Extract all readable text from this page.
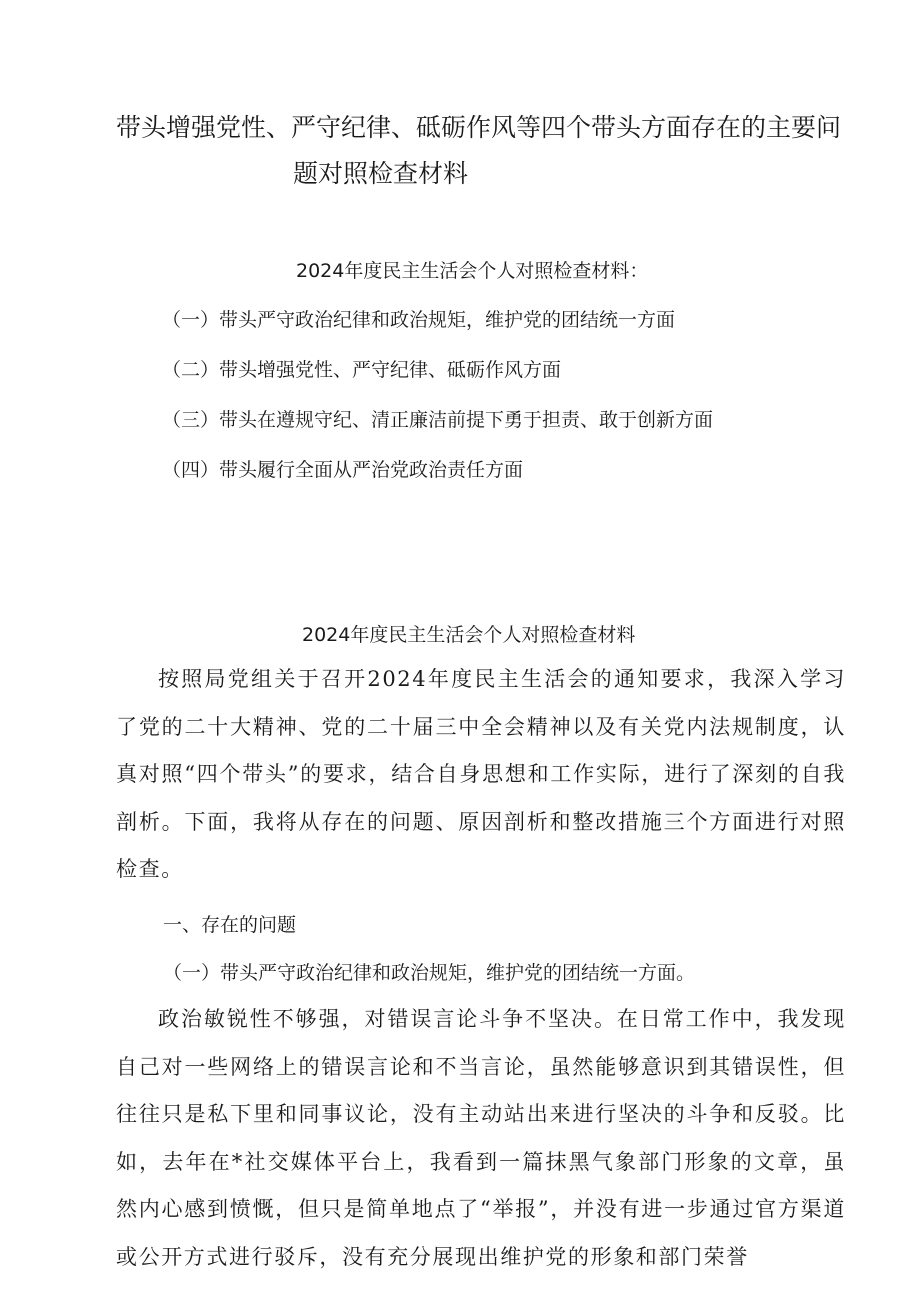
带头增强党性、严守纪律、砥砺作风等四个带头方面存在的主要问
题对照检查材料
2024年度民主生活会个人对照检查材料：
（一）带头严守政治纪律和政治规矩，维护党的团结统一方面
（二）带头增强党性、严守纪律、砥砺作风方面
（三）带头在遵规守纪、清正廉洁前提下勇于担责、敢于创新方面
（四）带头履行全面从严治党政治责任方面
2024年度民主生活会个人对照检查材料

按照局党组关于召开2024年度民主生活会的通知要求，我深入学习了党的二十大精神、党的二十届三中全会精神以及有关党内法规制度，认真对照“四个带头”的要求，结合自身思想和工作实际，进行了深刻的自我剖析。下面，我将从存在的问题、原因剖析和整改措施三个方面进行对照检查。

一、存在的问题
（一）带头严守政治纪律和政治规矩，维护党的团结统一方面。

政治敏锐性不够强，对错误言论斗争不坚决。在日常工作中，我发现自己对一些网络上的错误言论和不当言论，虽然能够意识到其错误性，但往往只是私下里和同事议论，没有主动站出来进行坚决的斗争和反驳。比如，去年在*社交媒体平台上，我看到一篇抹黑气象部门形象的文章，虽然内心感到愤慨，但只是简单地点了“举报”，并没有进一步通过官方渠道或公开方式进行驳斥，没有充分展现出维护党的形象和部门荣誉
